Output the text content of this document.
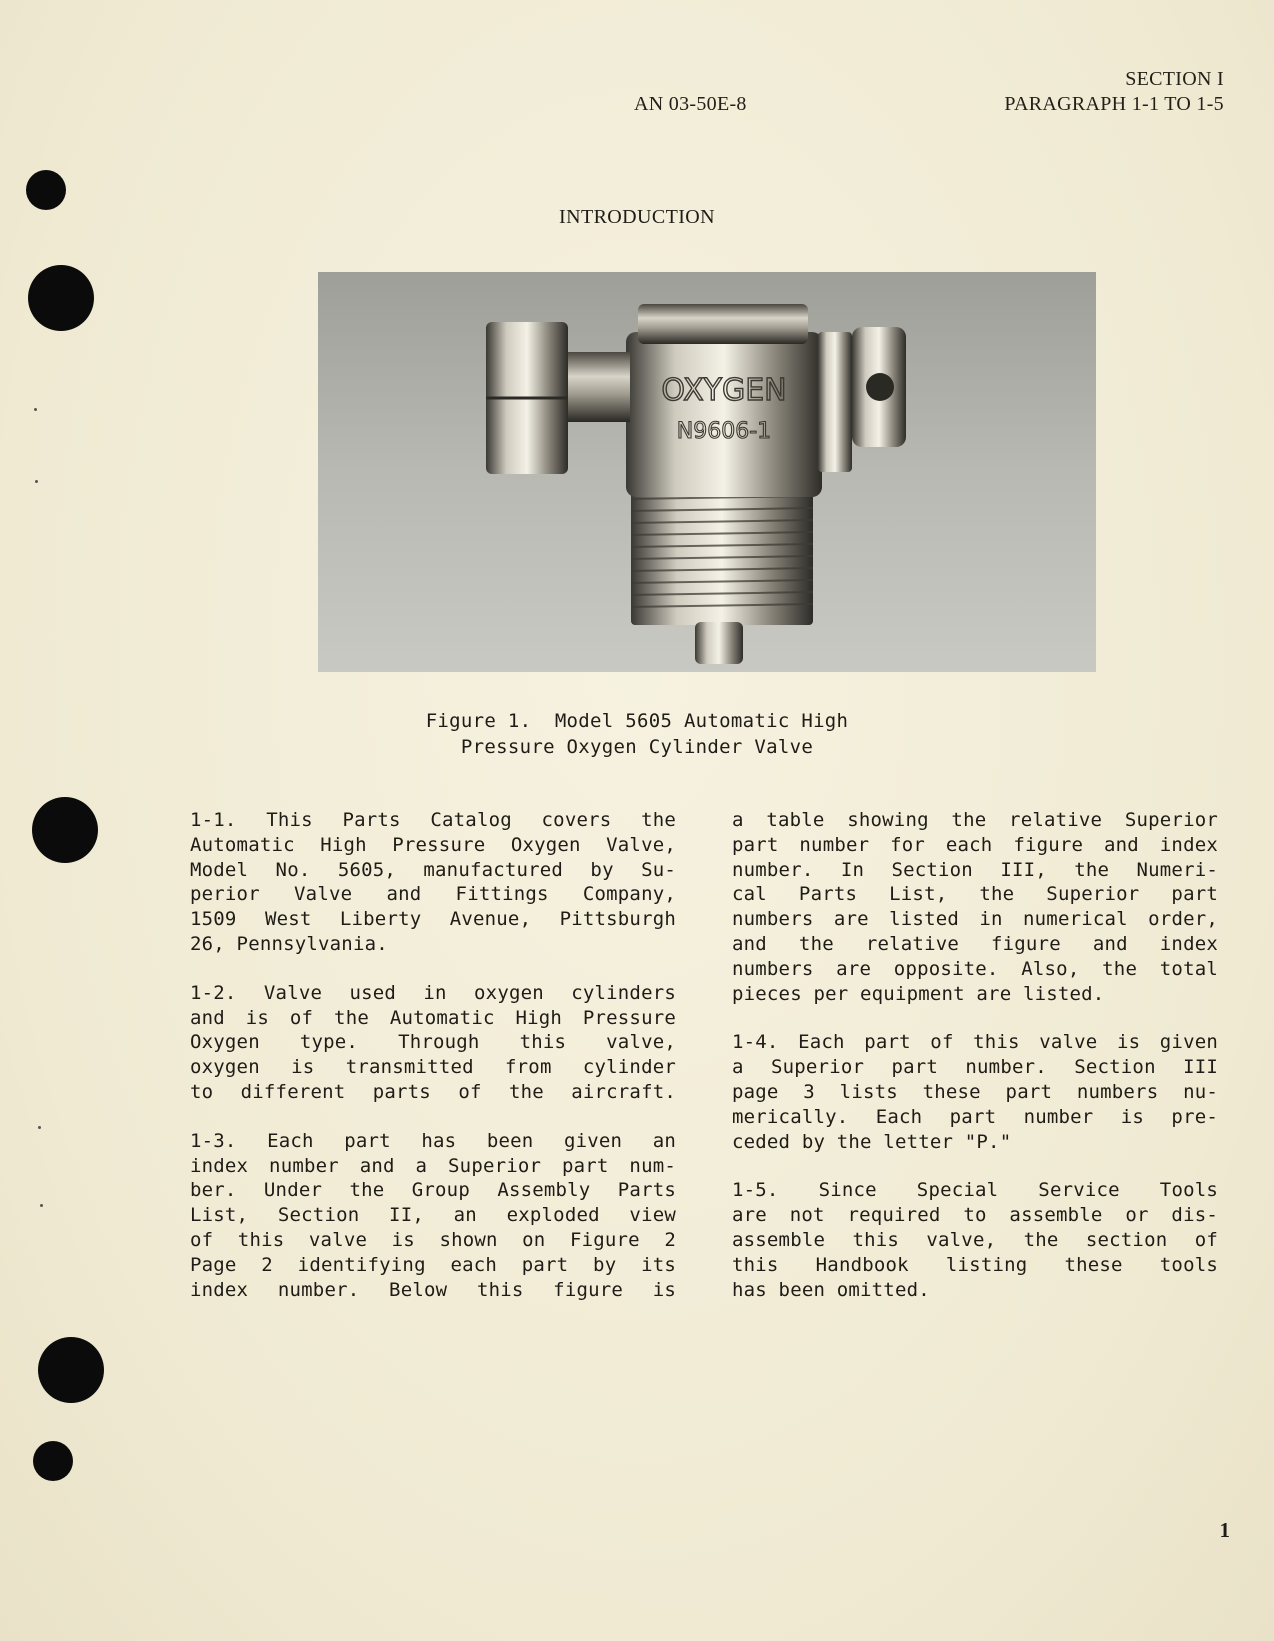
AN 03-50E-8
SECTION I
PARAGRAPH 1-1 TO 1-5
INTRODUCTION
OXYGEN
N9606-1
Figure 1.  Model 5605 Automatic High
Pressure Oxygen Cylinder Valve

1-1. This Parts Catalog covers the
Automatic High Pressure Oxygen Valve,
Model No. 5605, manufactured by Su-
perior Valve and Fittings Company,
1509 West Liberty Avenue, Pittsburgh
26, Pennsylvania.

1-2. Valve used in oxygen cylinders
and is of the Automatic High Pressure
Oxygen type. Through this valve,
oxygen is transmitted from cylinder
to different parts of the aircraft.

1-3. Each part has been given an
index number and a Superior part num-
ber. Under the Group Assembly Parts
List, Section II, an exploded view
of this valve is shown on Figure 2
Page 2 identifying each part by its
index number. Below this figure is

a table showing the relative Superior
part number for each figure and index
number. In Section III, the Numeri-
cal Parts List, the Superior part
numbers are listed in numerical order,
and the relative figure and index
numbers are opposite. Also, the total
pieces per equipment are listed.

1-4. Each part of this valve is given
a Superior part number. Section III
page 3 lists these part numbers nu-
merically. Each part number is pre-
ceded by the letter "P."

1-5. Since Special Service Tools
are not required to assemble or dis-
assemble this valve, the section of
this Handbook listing these tools
has been omitted.

1
